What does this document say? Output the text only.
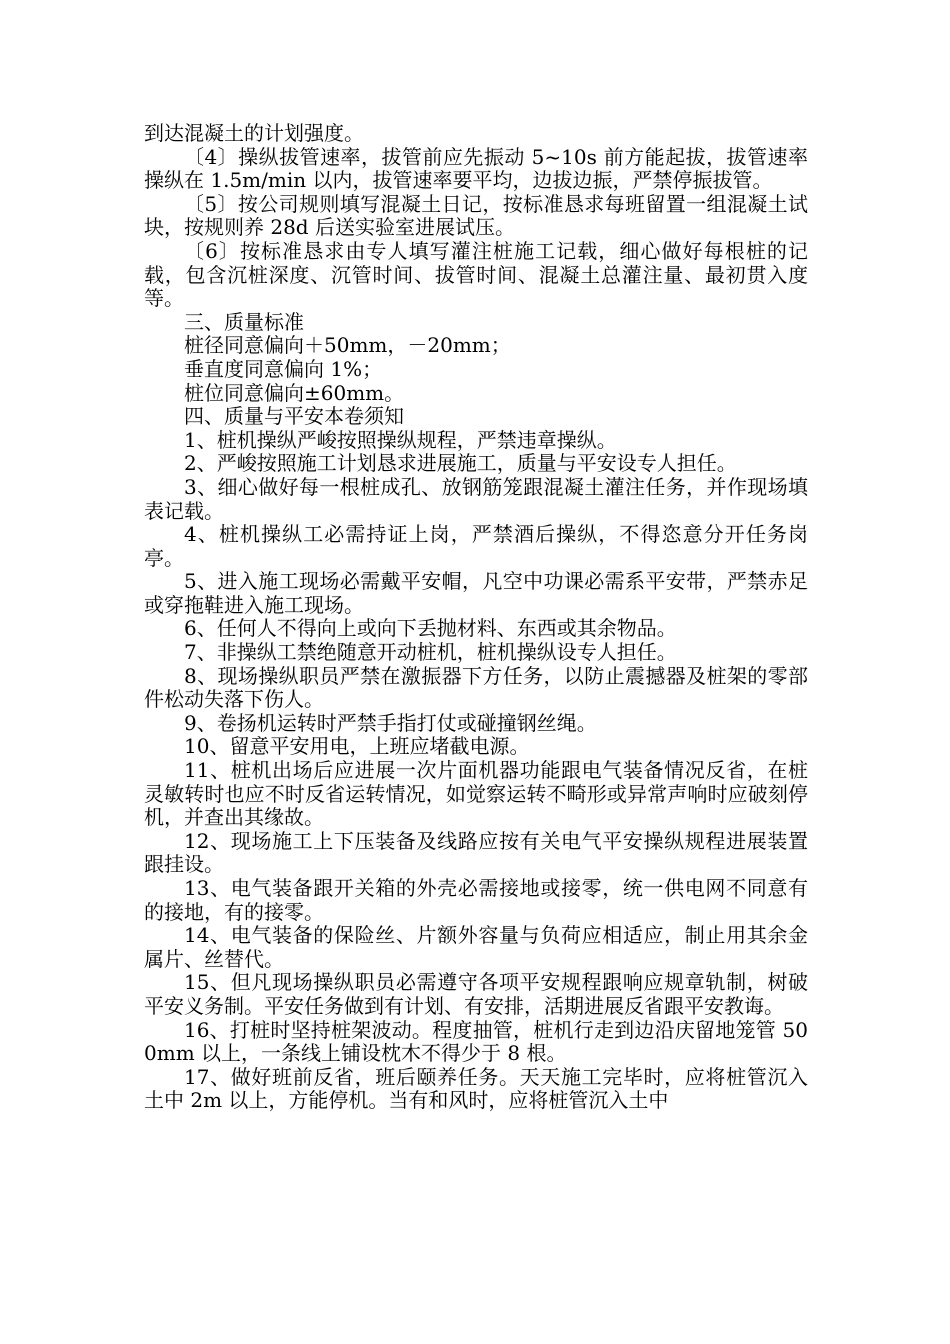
到达混凝土的计划强度。

〔4〕操纵拔管速率，拔管前应先振动 5~10s 前方能起拔，拔管速率操纵在 1.5m/min 以内，拔管速率要平均，边拔边振，严禁停振拔管。

〔5〕按公司规则填写混凝土日记，按标准恳求每班留置一组混凝土试块，按规则养 28d 后送实验室进展试压。

〔6〕按标准恳求由专人填写灌注桩施工记载，细心做好每根桩的记载，包含沉桩深度、沉管时间、拔管时间、混凝土总灌注量、最初贯入度等。

三、质量标准

桩径同意偏向＋50mm，－20mm；

垂直度同意偏向 1%；

桩位同意偏向±60mm。

四、质量与平安本卷须知

1、桩机操纵严峻按照操纵规程，严禁违章操纵。

2、严峻按照施工计划恳求进展施工，质量与平安设专人担任。

3、细心做好每一根桩成孔、放钢筋笼跟混凝土灌注任务，并作现场填表记载。

4、桩机操纵工必需持证上岗，严禁酒后操纵，不得恣意分开任务岗亭。

5、进入施工现场必需戴平安帽，凡空中功课必需系平安带，严禁赤足或穿拖鞋进入施工现场。

6、任何人不得向上或向下丢抛材料、东西或其余物品。

7、非操纵工禁绝随意开动桩机，桩机操纵设专人担任。

8、现场操纵职员严禁在激振器下方任务，以防止震撼器及桩架的零部件松动失落下伤人。

9、卷扬机运转时严禁手指打仗或碰撞钢丝绳。

10、留意平安用电，上班应堵截电源。

11、桩机出场后应进展一次片面机器功能跟电气装备情况反省，在桩灵敏转时也应不时反省运转情况，如觉察运转不畸形或异常声响时应破刻停机，并查出其缘故。

12、现场施工上下压装备及线路应按有关电气平安操纵规程进展装置跟挂设。

13、电气装备跟开关箱的外壳必需接地或接零，统一供电网不同意有的接地，有的接零。

14、电气装备的保险丝、片额外容量与负荷应相适应，制止用其余金属片、丝替代。

15、但凡现场操纵职员必需遵守各项平安规程跟响应规章轨制，树破平安义务制。平安任务做到有计划、有安排，活期进展反省跟平安教诲。

16、打桩时坚持桩架波动。程度抽管，桩机行走到边沿庆留地笼管 500mm 以上，一条线上铺设枕木不得少于 8 根。

17、做好班前反省，班后颐养任务。天天施工完毕时，应将桩管沉入土中 2m 以上，方能停机。当有和风时，应将桩管沉入土中
